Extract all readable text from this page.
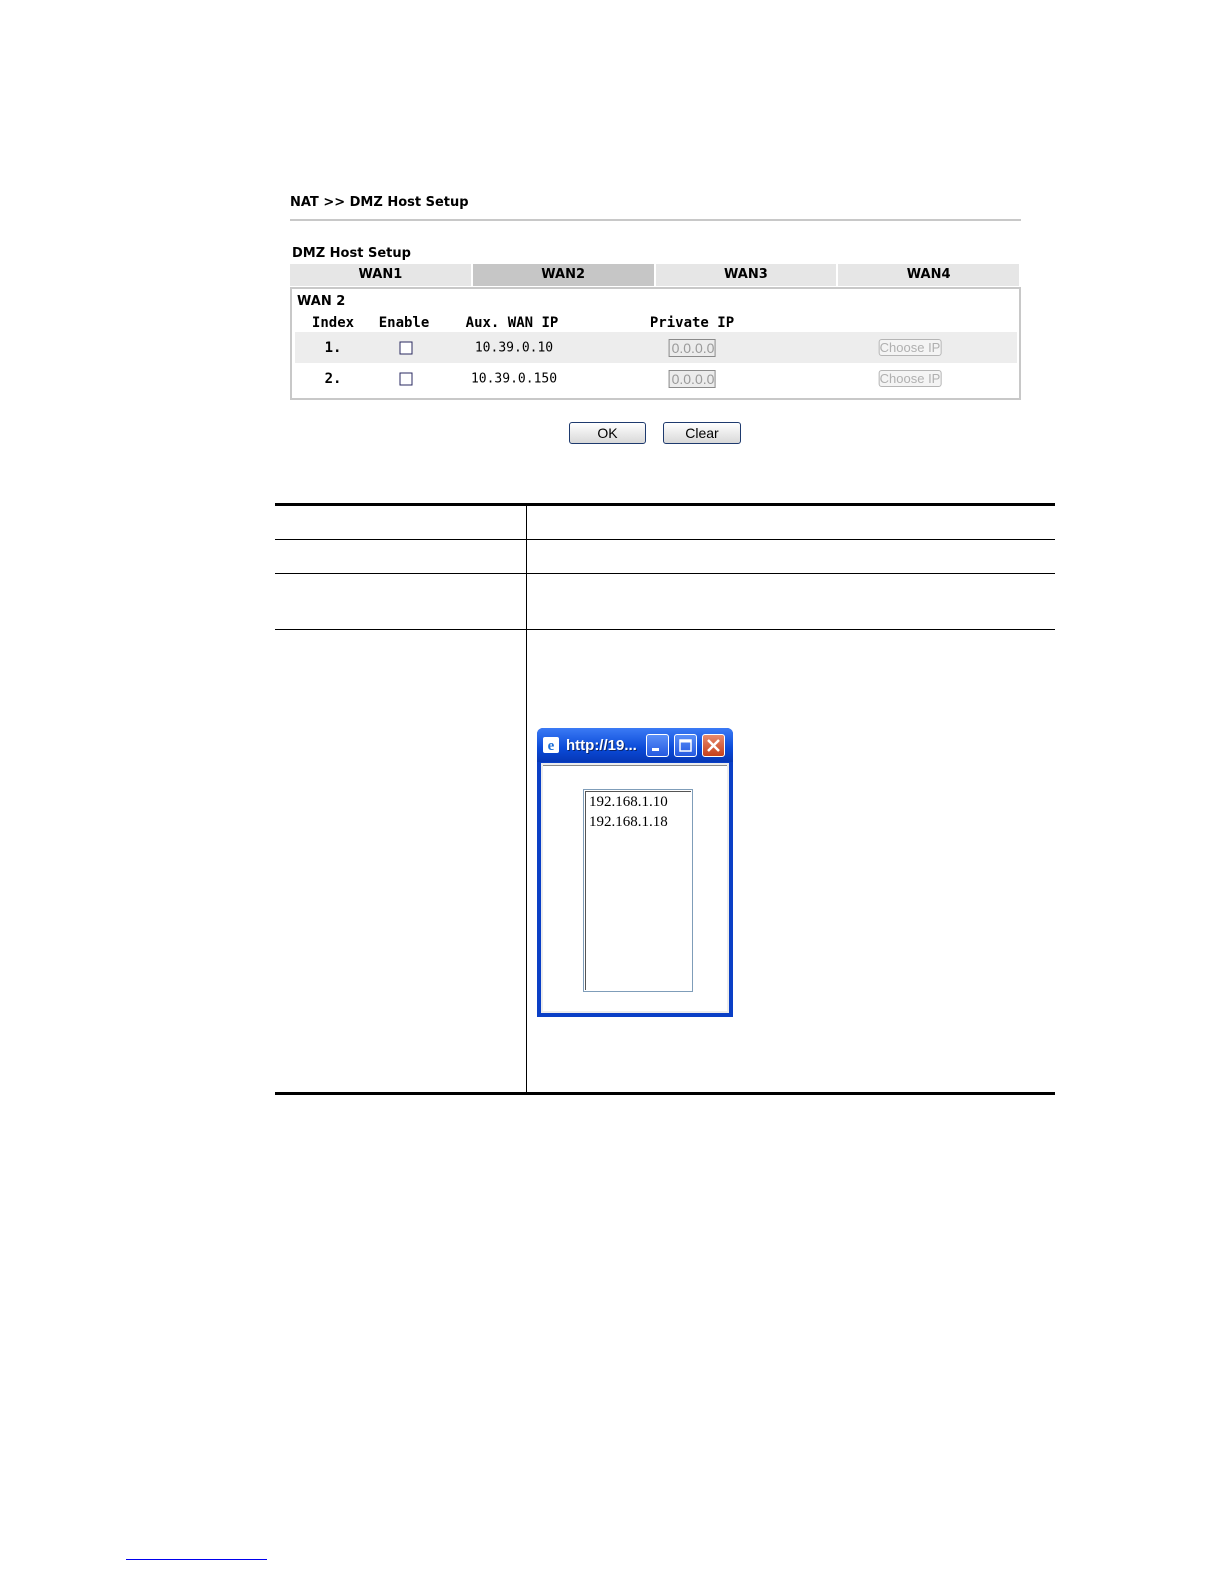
NAT >> DMZ Host Setup
DMZ Host Setup
WAN1	WAN2	WAN3	WAN4
WAN 2
Index Enable	Aux. WAN IP	Private IP
1.	10.39.0.10	0.0.0.0	Choose IP
2.	10.39.0.150	0.0.0.0	Choose IP
OK	Clear
e http://19...
192.168.1.10
192.168.1.18
